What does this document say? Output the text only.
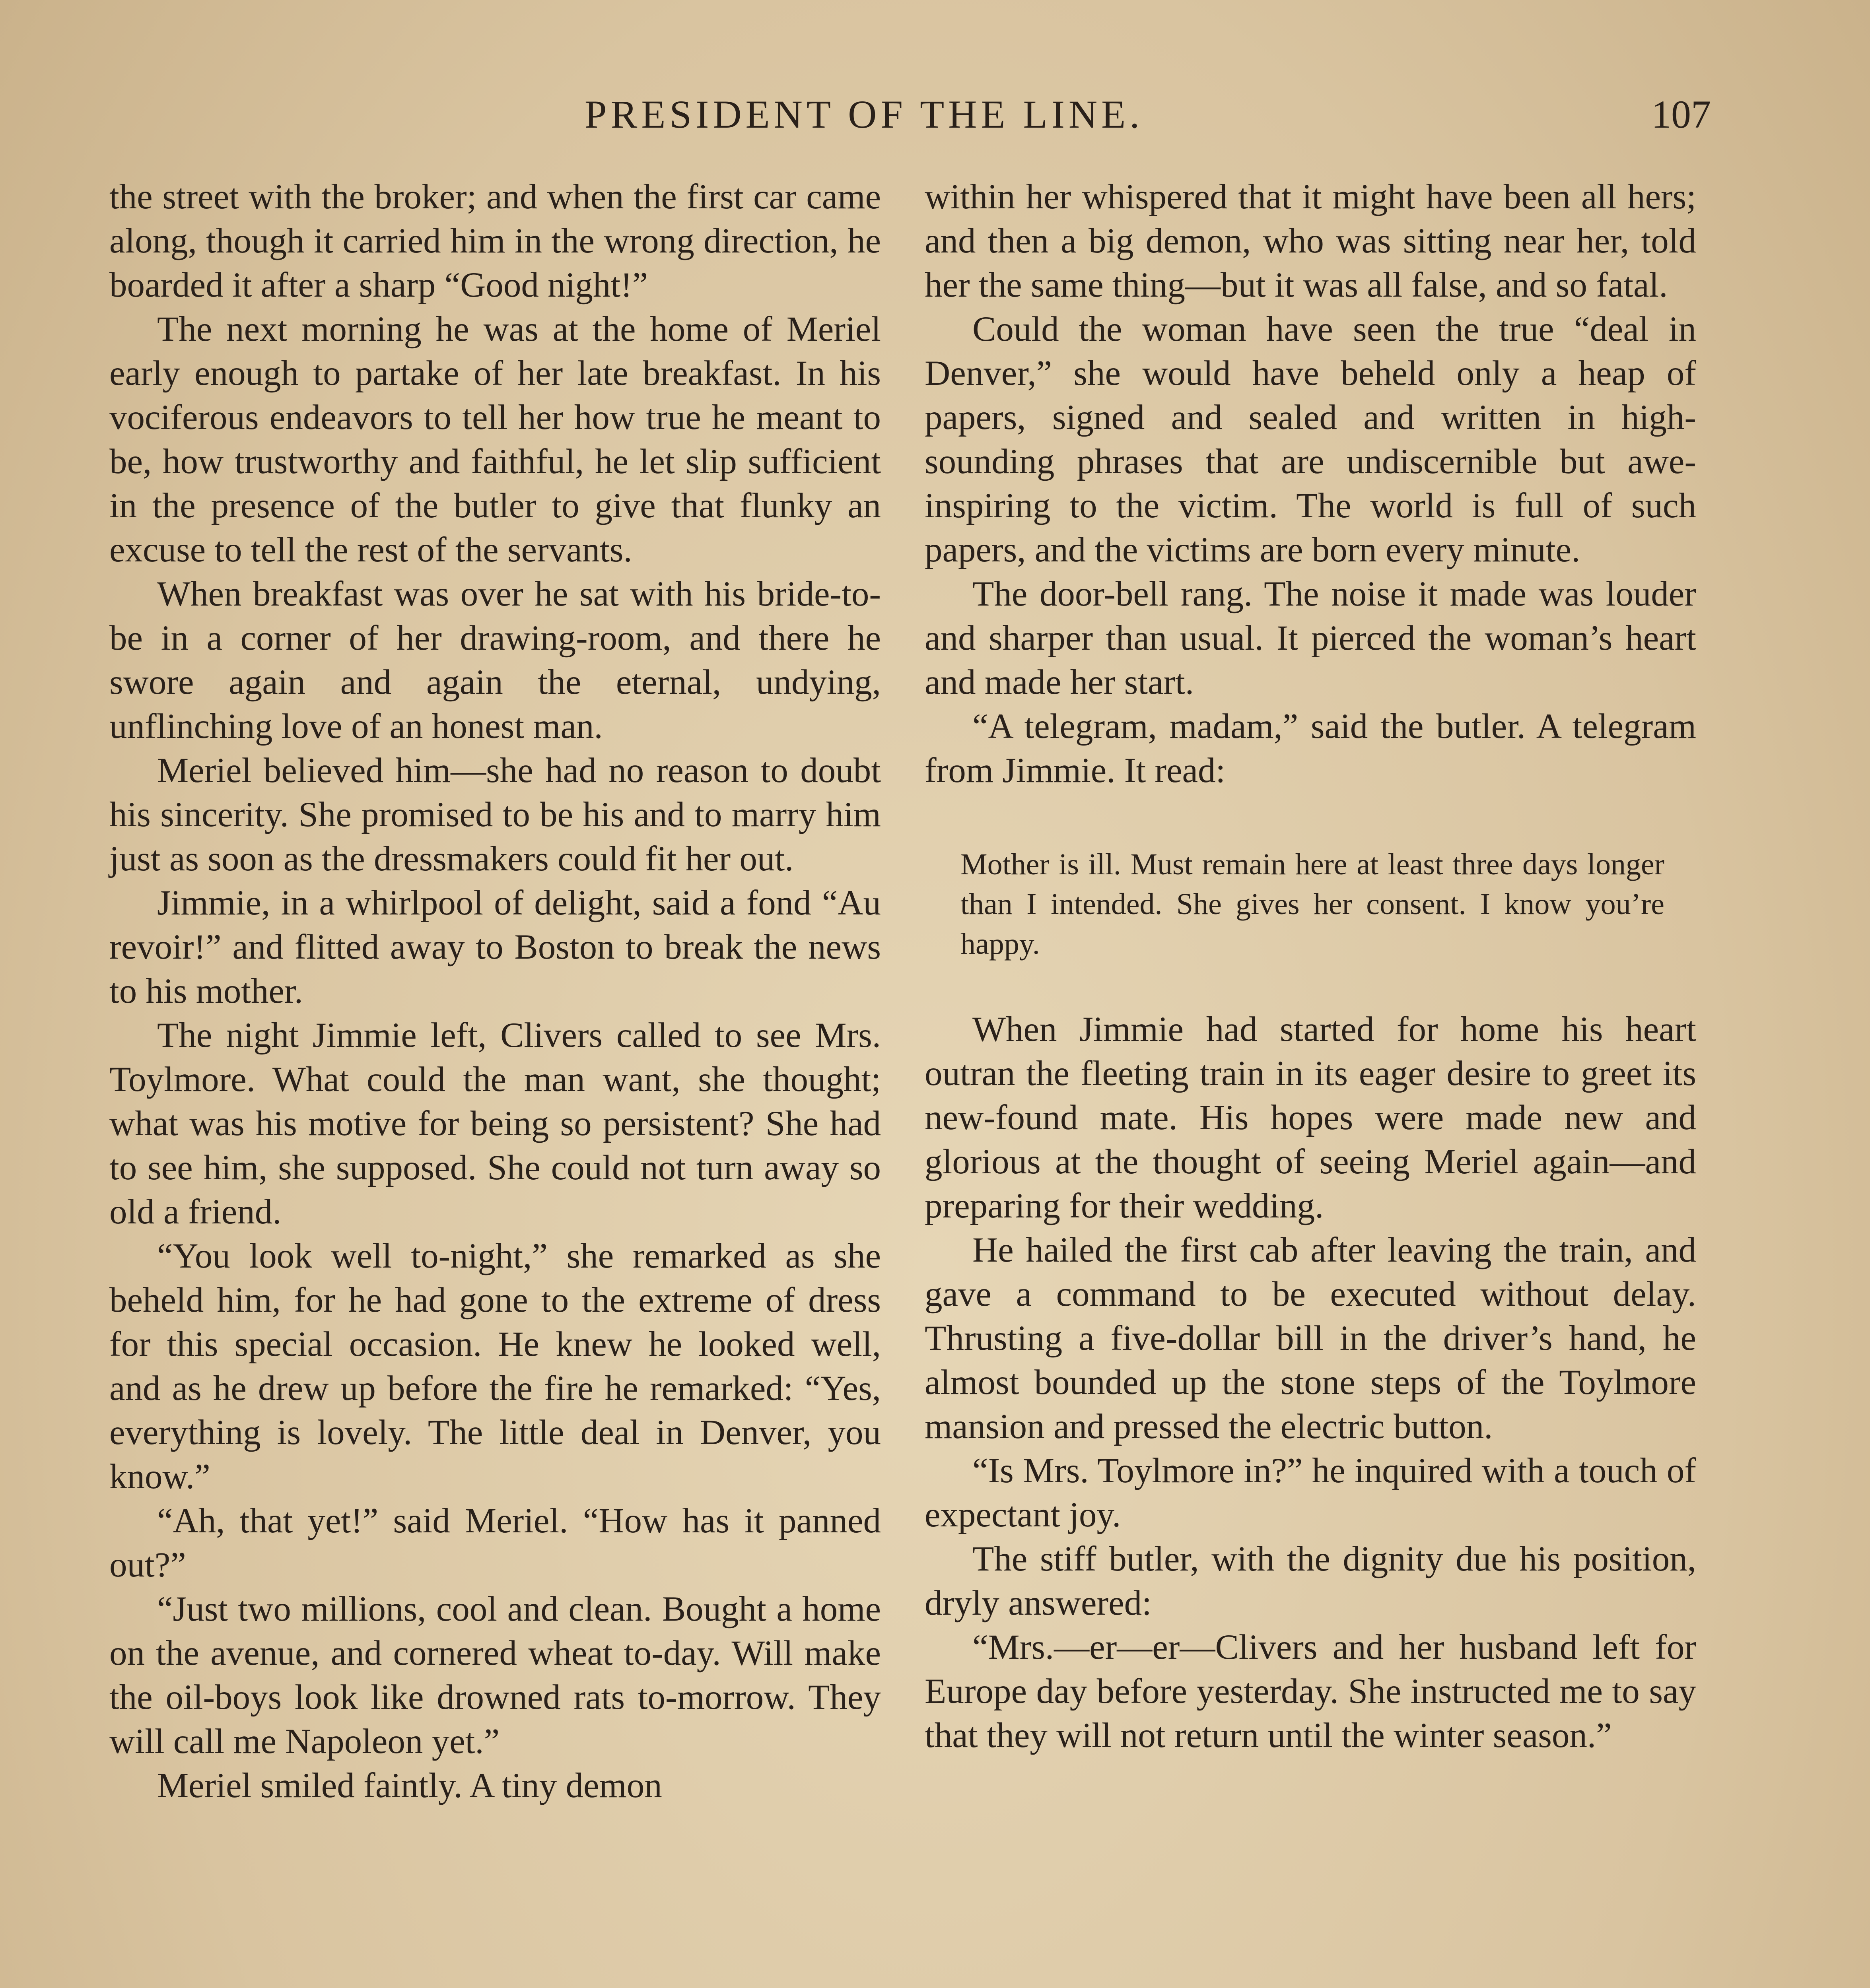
PRESIDENT OF THE LINE.	107

the street with the broker; and when the first car came along, though it carried him in the wrong direction, he boarded it after a sharp “Good night!”

The next morning he was at the home of Meriel early enough to partake of her late breakfast. In his vociferous endeavors to tell her how true he meant to be, how trustworthy and faithful, he let slip sufficient in the presence of the butler to give that flunky an excuse to tell the rest of the servants.

When breakfast was over he sat with his bride-to-be in a corner of her drawing-room, and there he swore again and again the eternal, undying, unflinching love of an honest man.

Meriel believed him—she had no reason to doubt his sincerity. She promised to be his and to marry him just as soon as the dressmakers could fit her out.

Jimmie, in a whirlpool of delight, said a fond “Au revoir!” and flitted away to Boston to break the news to his mother.

The night Jimmie left, Clivers called to see Mrs. Toylmore. What could the man want, she thought; what was his motive for being so persistent? She had to see him, she supposed. She could not turn away so old a friend.

“You look well to-night,” she remarked as she beheld him, for he had gone to the extreme of dress for this special occasion. He knew he looked well, and as he drew up before the fire he remarked: “Yes, everything is lovely. The little deal in Denver, you know.”

“Ah, that yet!” said Meriel. “How has it panned out?”

“Just two millions, cool and clean. Bought a home on the avenue, and cornered wheat to-day. Will make the oil-boys look like drowned rats to-morrow. They will call me Napoleon yet.”

Meriel smiled faintly. A tiny demon

within her whispered that it might have been all hers; and then a big demon, who was sitting near her, told her the same thing—but it was all false, and so fatal.

Could the woman have seen the true “deal in Denver,” she would have beheld only a heap of papers, signed and sealed and written in high-sounding phrases that are undiscernible but awe-inspiring to the victim. The world is full of such papers, and the victims are born every minute.

The door-bell rang. The noise it made was louder and sharper than usual. It pierced the woman’s heart and made her start.

“A telegram, madam,” said the butler. A telegram from Jimmie. It read:

Mother is ill. Must remain here at least three days longer than I intended. She gives her consent. I know you’re happy.

When Jimmie had started for home his heart outran the fleeting train in its eager desire to greet its new-found mate. His hopes were made new and glorious at the thought of seeing Meriel again—and preparing for their wedding.

He hailed the first cab after leaving the train, and gave a command to be executed without delay. Thrusting a five-dollar bill in the driver’s hand, he almost bounded up the stone steps of the Toylmore mansion and pressed the electric button.

“Is Mrs. Toylmore in?” he inquired with a touch of expectant joy.

The stiff butler, with the dignity due his position, dryly answered:

“Mrs.—er—er—Clivers and her husband left for Europe day before yesterday. She instructed me to say that they will not return until the winter season.”
